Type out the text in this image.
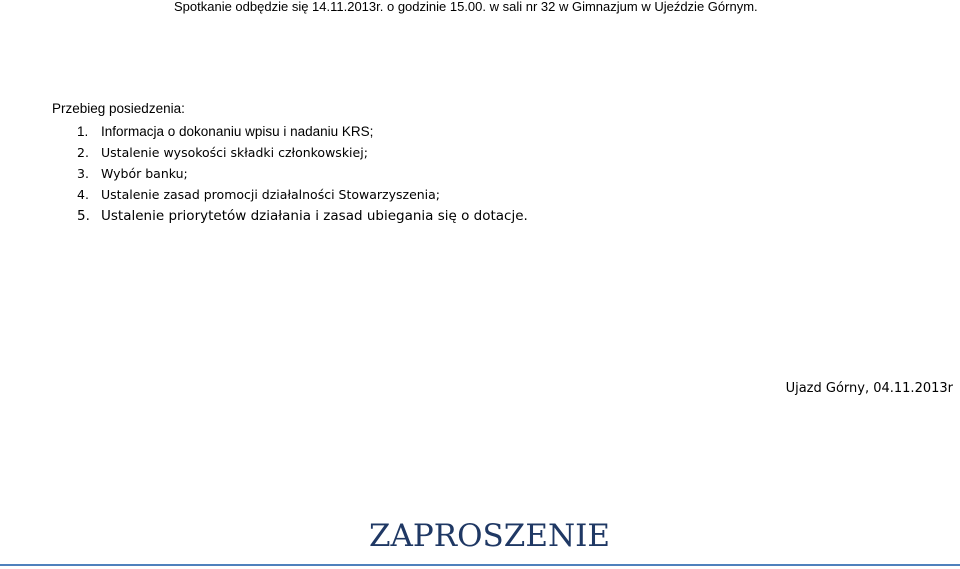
Spotkanie odbędzie się 14.11.2013r. o godzinie 15.00. w sali nr 32 w Gimnazjum w Ujeździe Górnym.
Przebieg posiedzenia:
1. Informacja o dokonaniu wpisu i nadaniu KRS;
2. Ustalenie wysokości składki członkowskiej;
3. Wybór banku;
4. Ustalenie zasad promocji działalności Stowarzyszenia;
5. Ustalenie priorytetów działania i zasad ubiegania się o dotacje.
Ujazd Górny, 04.11.2013r
ZAPROSZENIE
